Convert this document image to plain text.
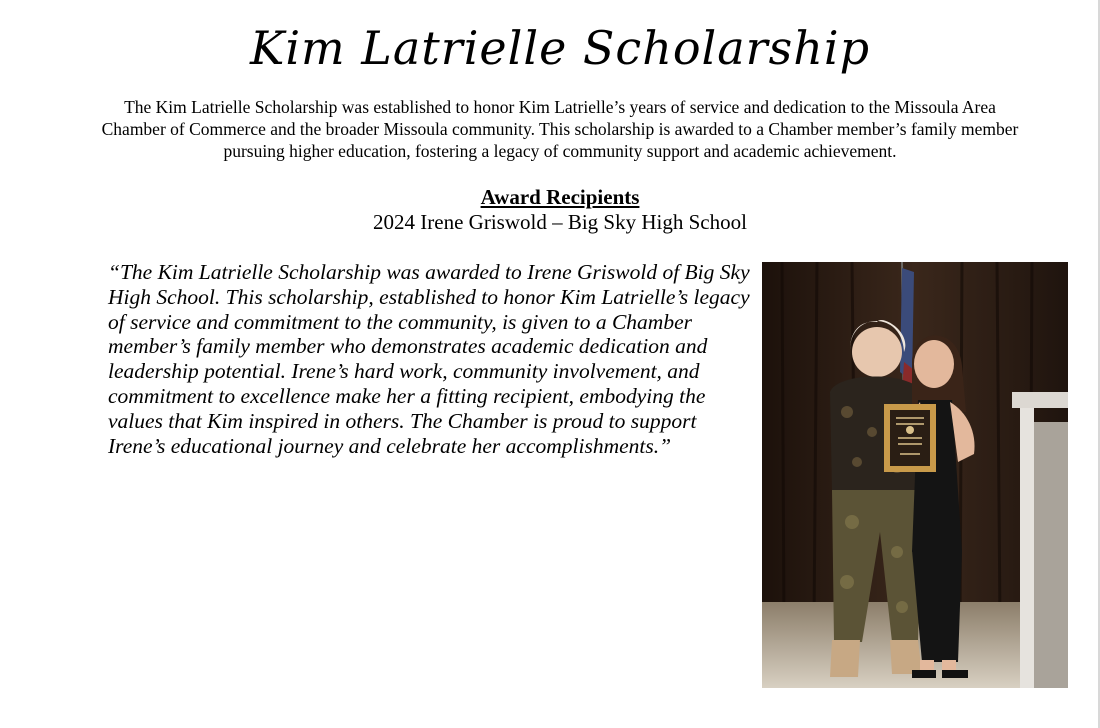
Kim Latrielle Scholarship

The Kim Latrielle Scholarship was established to honor Kim Latrielle’s years of service and dedication to the Missoula Area Chamber of Commerce and the broader Missoula community. This scholarship is awarded to a Chamber member’s family member pursuing higher education, fostering a legacy of community support and academic achievement.

Award Recipients
2024 Irene Griswold – Big Sky High School

“The Kim Latrielle Scholarship was awarded to Irene Griswold of Big Sky High School. This scholarship, established to honor Kim Latrielle’s legacy of service and commitment to the community, is given to a Chamber member’s family member who demonstrates academic dedication and leadership potential. Irene’s hard work, community involvement, and commitment to excellence make her a fitting recipient, embodying the values that Kim inspired in others. The Chamber is proud to support Irene’s educational journey and celebrate her accomplishments.”
